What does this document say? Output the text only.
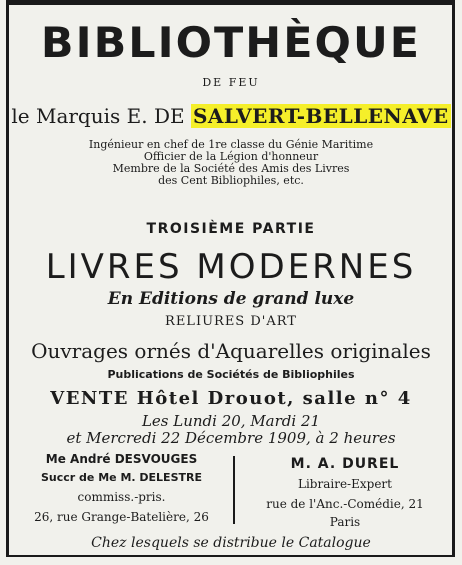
BIBLIOTHÈQUE
DE FEU
le Marquis E. DE SALVERT-BELLENAVE
Ingénieur en chef de 1re classe du Génie Maritime
Officier de la Légion d'honneur
Membre de la Société des Amis des Livres
des Cent Bibliophiles, etc.
TROISIÈME PARTIE
LIVRES MODERNES
En Editions de grand luxe
RELIURES D'ART
Ouvrages ornés d'Aquarelles originales
Publications de Sociétés de Bibliophiles
VENTE Hôtel Drouot, salle n° 4
Les Lundi 20, Mardi 21
et Mercredi 22 Décembre 1909, à 2 heures
Me André DESVOUGES
Succr de Me M. DELESTRE
commiss.-pris.
26, rue Grange-Batelière, 26
M. A. DUREL
Libraire-Expert
rue de l'Anc.-Comédie, 21
Paris
Chez lesquels se distribue le Catalogue
